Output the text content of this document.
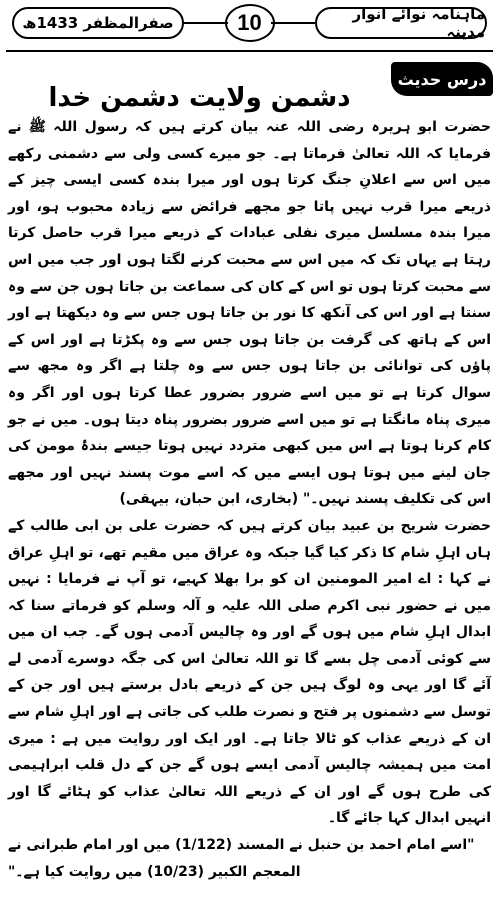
صفرالمظفر 1433ھ	10	ماہنامہ نوائے انوار مدینہ
درس حدیث
دشمن ولایت دشمن خدا

حضرت ابو ہریرہ رضی اللہ عنہ بیان کرتے ہیں کہ رسول اللہ ﷺ نے فرمایا کہ اللہ تعالیٰ فرماتا ہے۔ جو میرے کسی ولی سے دشمنی رکھے میں اس سے اعلانِ جنگ کرتا ہوں اور میرا بندہ کسی ایسی چیز کے ذریعے میرا قرب نہیں پاتا جو مجھے فرائض سے زیادہ محبوب ہو، اور میرا بندہ مسلسل میری نفلی عبادات کے ذریعے میرا قرب حاصل کرتا رہتا ہے یہاں تک کہ میں اس سے محبت کرنے لگتا ہوں اور جب میں اس سے محبت کرتا ہوں تو اس کے کان کی سماعت بن جاتا ہوں جن سے وہ سنتا ہے اور اس کی آنکھ کا نور بن جاتا ہوں جس سے وہ دیکھتا ہے اور اس کے ہاتھ کی گرفت بن جاتا ہوں جس سے وہ پکڑتا ہے اور اس کے پاؤں کی توانائی بن جاتا ہوں جس سے وہ چلتا ہے اگر وہ مجھ سے سوال کرتا ہے تو میں اسے ضرور بضرور عطا کرتا ہوں اور اگر وہ میری پناہ مانگتا ہے تو میں اسے ضرور بضرور پناہ دیتا ہوں۔ میں نے جو کام کرنا ہوتا ہے اس میں کبھی متردد نہیں ہوتا جیسے بندۂ مومن کی جان لینے میں ہوتا ہوں ایسے میں کہ اسے موت پسند نہیں اور مجھے اس کی تکلیف پسند نہیں۔" (بخاری، ابن حبان، بیہقی)

حضرت شریح بن عبید بیان کرتے ہیں کہ حضرت علی بن ابی طالب کے ہاں اہلِ شام کا ذکر کیا گیا جبکہ وہ عراق میں مقیم تھے، تو اہلِ عراق نے کہا : اے امیر المومنین ان کو برا بھلا کہیے، تو آپ نے فرمایا : نہیں میں نے حضور نبی اکرم صلی اللہ علیہ و آلہ وسلم کو فرماتے سنا کہ ابدال اہلِ شام میں ہوں گے اور وہ چالیس آدمی ہوں گے۔ جب ان میں سے کوئی آدمی چل بسے گا تو اللہ تعالیٰ اس کی جگہ دوسرے آدمی لے آئے گا اور یہی وہ لوگ ہیں جن کے ذریعے بادل برستے ہیں اور جن کے توسل سے دشمنوں پر فتح و نصرت طلب کی جاتی ہے اور اہلِ شام سے ان کے ذریعے عذاب کو ٹالا جاتا ہے۔ اور ایک اور روایت میں ہے : میری امت میں ہمیشہ چالیس آدمی ایسے ہوں گے جن کے دل قلب ابراہیمی کی طرح ہوں گے اور ان کے ذریعے اللہ تعالیٰ عذاب کو ہٹائے گا اور انہیں ابدال کہا جائے گا۔

"اسے امام احمد بن حنبل نے المسند (1/122) میں اور امام طبرانی نے المعجم الکبیر (10/23) میں روایت کیا ہے۔"
